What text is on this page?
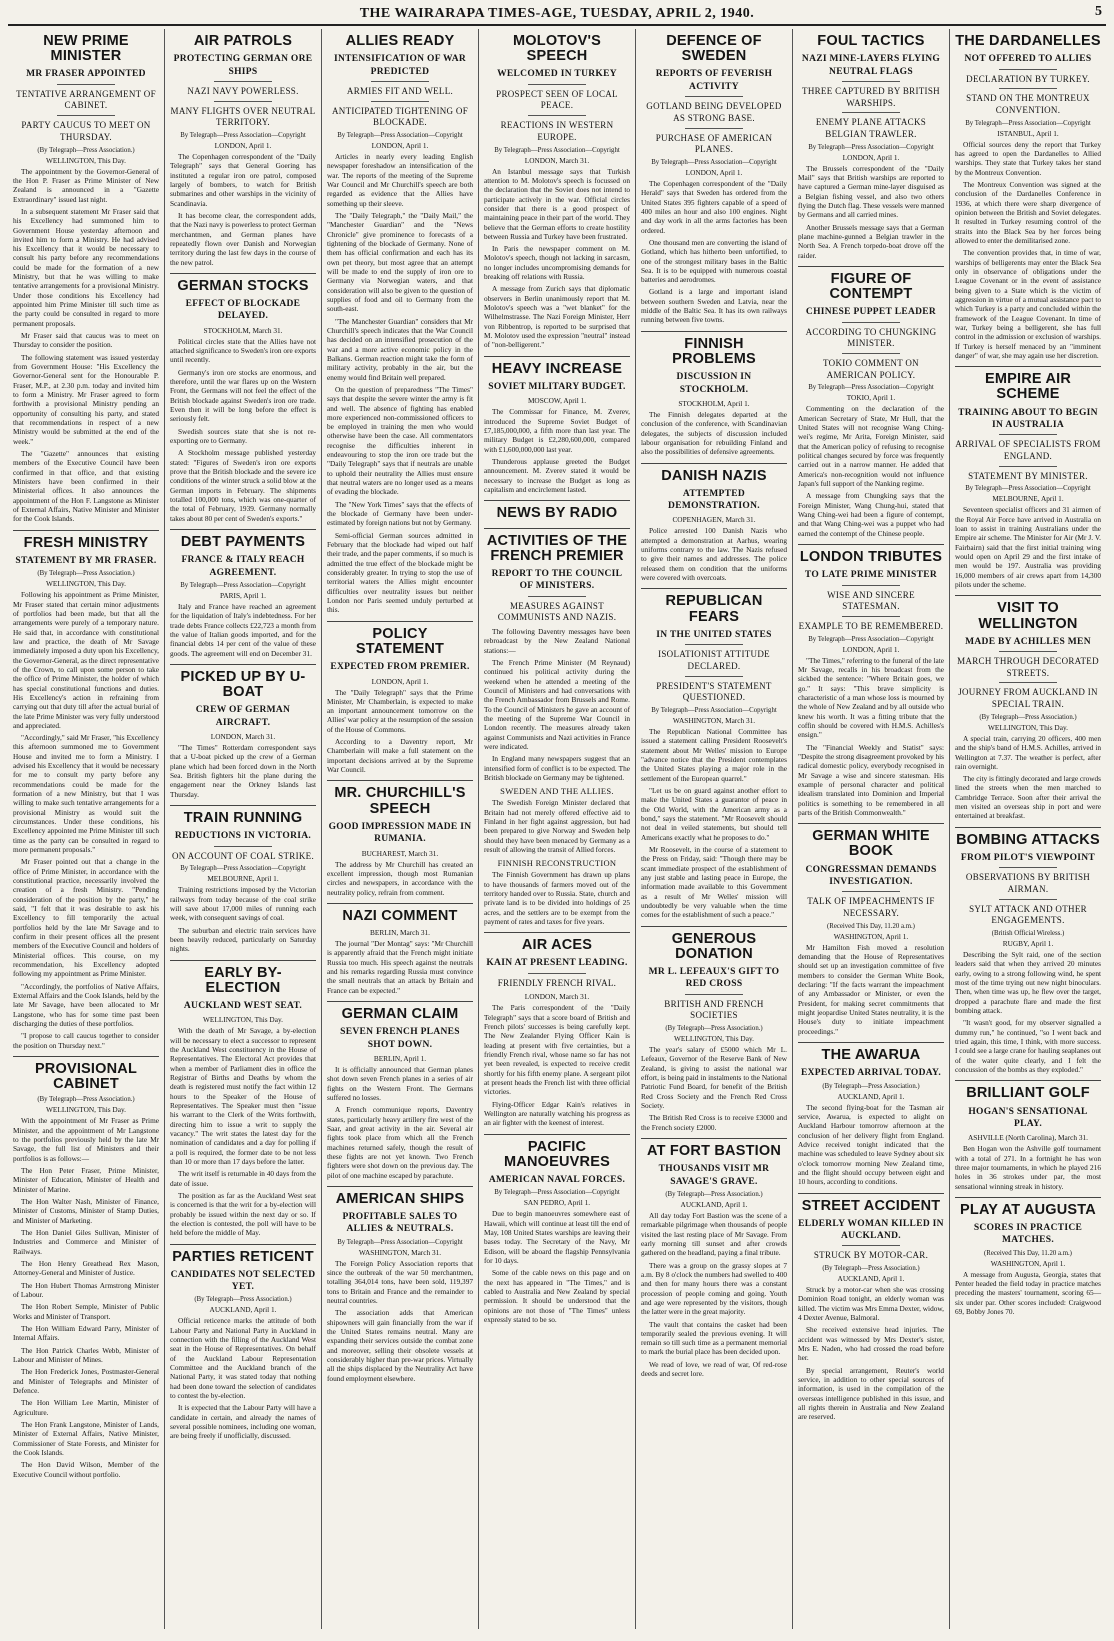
THE WAIRARAPA TIMES-AGE, TUESDAY, APRIL 2, 1940.	5
NEW PRIME MINISTER
MR FRASER APPOINTED
TENTATIVE ARRANGEMENT OF CABINET.
PARTY CAUCUS TO MEET ON THURSDAY.
(By Telegraph—Press Association.)
WELLINGTON, This Day.

The appointment by the Governor-General of the Hon P. Fraser as Prime Minister of New Zealand is announced in a "Gazette Extraordinary" issued last night.

In a subsequent statement Mr Fraser said that his Excellency had summoned him to Government House yesterday afternoon and invited him to form a Ministry. He had advised his Excellency that it would be necessary to consult his party before any recommendations could be made for the formation of a new Ministry, but that he was willing to make tentative arrangements for a provisional Ministry. Under those conditions his Excellency had appointed him Prime Minister till such time as the party could be consulted in regard to more permanent proposals.

Mr Fraser said that caucus was to meet on Thursday to consider the position.

The following statement was issued yesterday from Government House: "His Excellency the Governor-General sent for the Honourable P. Fraser, M.P., at 2.30 p.m. today and invited him to form a Ministry. Mr Fraser agreed to form forthwith a provisional Ministry pending an opportunity of consulting his party, and stated that recommendations in respect of a new Ministry would be submitted at the end of the week."

The "Gazette" announces that existing members of the Executive Council have been confirmed in that office, and that existing Ministers have been confirmed in their Ministerial offices. It also announces the appointment of the Hon F. Langstone as Minister of External Affairs, Native Minister and Minister for the Cook Islands.

FRESH MINISTRY
STATEMENT BY MR FRASER.
(By Telegraph—Press Association.)
WELLINGTON, This Day.

Following his appointment as Prime Minister, Mr Fraser stated that certain minor adjustments of portfolios had been made, but that all the arrangements were purely of a temporary nature. He said that, in accordance with constitutional law and practice, the death of Mr Savage immediately imposed a duty upon his Excellency, the Governor-General, as the direct representative of the Crown, to call upon some person to take the office of Prime Minister, the holder of which has special constitutional functions and duties. His Excellency's action in refraining from carrying out that duty till after the actual burial of the late Prime Minister was very fully understood and appreciated.

"Accordingly," said Mr Fraser, "his Excellency this afternoon summoned me to Government House and invited me to form a Ministry. I advised his Excellency that it would be necessary for me to consult my party before any recommendations could be made for the formation of a new Ministry, but that I was willing to make such tentative arrangements for a provisional Ministry as would suit the circumstances. Under these conditions, his Excellency appointed me Prime Minister till such time as the party can be consulted in regard to more permanent proposals."

Mr Fraser pointed out that a change in the office of Prime Minister, in accordance with the constitutional practice, necessarily involved the creation of a fresh Ministry. "Pending consideration of the position by the party," he said, "I felt that it was desirable to ask his Excellency to fill temporarily the actual portfolios held by the late Mr Savage and to confirm in their present offices all the present members of the Executive Council and holders of Ministerial offices. This course, on my recommendation, his Excellency adopted following my appointment as Prime Minister.

"Accordingly, the portfolios of Native Affairs, External Affairs and the Cook Islands, held by the late Mr Savage, have been allocated to Mr Langstone, who has for some time past been discharging the duties of these portfolios.

"I propose to call caucus together to consider the position on Thursday next."

PROVISIONAL CABINET
(By Telegraph—Press Association.)
WELLINGTON, This Day.

With the appointment of Mr Fraser as Prime Minister, and the appointment of Mr Langstone to the portfolios previously held by the late Mr Savage, the full list of Ministers and their portfolios is as follows:—

The Hon Peter Fraser, Prime Minister, Minister of Education, Minister of Health and Minister of Marine.

The Hon Walter Nash, Minister of Finance, Minister of Customs, Minister of Stamp Duties, and Minister of Marketing.

The Hon Daniel Giles Sullivan, Minister of Industries and Commerce and Minister of Railways.

The Hon Henry Greathead Rex Mason, Attorney-General and Minister of Justice.

The Hon Hubert Thomas Armstrong Minister of Labour.

The Hon Robert Semple, Minister of Public Works and Minister of Transport.

The Hon William Edward Parry, Minister of Internal Affairs.

The Hon Patrick Charles Webb, Minister of Labour and Minister of Mines.

The Hon Frederick Jones, Postmaster-General and Minister of Telegraphs and Minister of Defence.

The Hon William Lee Martin, Minister of Agriculture.

The Hon Frank Langstone, Minister of Lands, Minister of External Affairs, Native Minister, Commissioner of State Forests, and Minister for the Cook Islands.

The Hon David Wilson, Member of the Executive Council without portfolio.

AIR PATROLS
PROTECTING GERMAN ORE SHIPS
NAZI NAVY POWERLESS.
MANY FLIGHTS OVER NEUTRAL TERRITORY.
By Telegraph—Press Association—Copyright
LONDON, April 1.

The Copenhagen correspondent of the "Daily Telegraph" says that General Goering has instituted a regular iron ore patrol, composed largely of bombers, to watch for British submarines and other warships in the vicinity of Scandinavia.

It has become clear, the correspondent adds, that the Nazi navy is powerless to protect German merchantmen, and German planes have repeatedly flown over Danish and Norwegian territory during the last few days in the course of the new patrol.

GERMAN STOCKS
EFFECT OF BLOCKADE DELAYED.
STOCKHOLM, March 31.

Political circles state that the Allies have not attached significance to Sweden's iron ore exports until recently.

Germany's iron ore stocks are enormous, and therefore, until the war flares up on the Western Front, the Germans will not feel the effect of the British blockade against Sweden's iron ore trade. Even then it will be long before the effect is seriously felt.

Swedish sources state that she is not re-exporting ore to Germany.

A Stockholm message published yesterday stated: "Figures of Sweden's iron ore exports prove that the British blockade and the severe ice conditions of the winter struck a solid blow at the German imports in February. The shipments totalled 100,000 tons, which was one-quarter of the total of February, 1939. Germany normally takes about 80 per cent of Sweden's exports."

DEBT PAYMENTS
FRANCE & ITALY REACH AGREEMENT.
By Telegraph—Press Association—Copyright
PARIS, April 1.

Italy and France have reached an agreement for the liquidation of Italy's indebtedness. For her trade debts France collects £22,723 a month from the value of Italian goods imported, and for the financial debts 14 per cent of the value of these goods. The agreement will end on December 31.

PICKED UP BY U-BOAT
CREW OF GERMAN AIRCRAFT.
LONDON, March 31.

"The Times" Rotterdam correspondent says that a U-boat picked up the crew of a German plane which had been forced down in the North Sea. British fighters hit the plane during the engagement near the Orkney Islands last Thursday.

TRAIN RUNNING
REDUCTIONS IN VICTORIA.
ON ACCOUNT OF COAL STRIKE.
By Telegraph—Press Association—Copyright
MELBOURNE, April 1.

Training restrictions imposed by the Victorian railways from today because of the coal strike will save about 17,000 miles of running each week, with consequent savings of coal.

The suburban and electric train services have been heavily reduced, particularly on Saturday nights.

EARLY BY-ELECTION
AUCKLAND WEST SEAT.
WELLINGTON, This Day.

With the death of Mr Savage, a by-election will be necessary to elect a successor to represent the Auckland West constituency in the House of Representatives. The Electoral Act provides that when a member of Parliament dies in office the Registrar of Births and Deaths by whom the death is registered must notify the fact within 12 hours to the Speaker of the House of Representatives. The Speaker must then "issue his warrant to the Clerk of the Writs forthwith, directing him to issue a writ to supply the vacancy." The writ states the latest day for the nomination of candidates and a day for polling if a poll is required, the former date to be not less than 10 or more than 17 days before the latter.

The writ itself is returnable in 40 days from the date of issue.

The position as far as the Auckland West seat is concerned is that the writ for a by-election will probably be issued within the next day or so. If the election is contested, the poll will have to be held before the middle of May.

PARTIES RETICENT
CANDIDATES NOT SELECTED YET.
(By Telegraph—Press Association.)
AUCKLAND, April 1.

Official reticence marks the attitude of both Labour Party and National Party in Auckland in connection with the filling of the Auckland West seat in the House of Representatives. On behalf of the Auckland Labour Representation Committee and the Auckland branch of the National Party, it was stated today that nothing had been done toward the selection of candidates to contest the by-election.

It is expected that the Labour Party will have a candidate in certain, and already the names of several possible nominees, including one woman, are being freely if unofficially, discussed.

ALLIES READY
INTENSIFICATION OF WAR PREDICTED
ARMIES FIT AND WELL.
ANTICIPATED TIGHTENING OF BLOCKADE.
By Telegraph—Press Association—Copyright
LONDON, April 1.

Articles in nearly every leading English newspaper foreshadow an intensification of the war. The reports of the meeting of the Supreme War Council and Mr Churchill's speech are both regarded as evidence that the Allies have something up their sleeve.

The "Daily Telegraph," the "Daily Mail," the "Manchester Guardian" and the "News Chronicle" give prominence to forecasts of a tightening of the blockade of Germany. None of them has official confirmation and each has its own pet theory, but most agree that an attempt will be made to end the supply of iron ore to Germany via Norwegian waters, and that consideration will also be given to the question of supplies of food and oil to Germany from the south-east.

"The Manchester Guardian" considers that Mr Churchill's speech indicates that the War Council has decided on an intensified prosecution of the war and a more active economic policy in the Balkans. German reaction might take the form of military activity, probably in the air, but the enemy would find Britain well prepared.

On the question of preparedness "The Times" says that despite the severe winter the army is fit and well. The absence of fighting has enabled more experienced non-commissioned officers to be employed in training the men who would otherwise have been the case. All commentators recognise the difficulties inherent in endeavouring to stop the iron ore trade but the "Daily Telegraph" says that if neutrals are unable to uphold their neutrality the Allies must ensure that neutral waters are no longer used as a means of evading the blockade.

The "New York Times" says that the effects of the blockade of Germany have been under-estimated by foreign nations but not by Germany.

Semi-official German sources admitted in February that the blockade had wiped out half their trade, and the paper comments, if so much is admitted the true effect of the blockade might be considerably greater. In trying to stop the use of territorial waters the Allies might encounter difficulties over neutrality issues but neither London nor Paris seemed unduly perturbed at this.

POLICY STATEMENT
EXPECTED FROM PREMIER.
LONDON, April 1.

The "Daily Telegraph" says that the Prime Minister, Mr Chamberlain, is expected to make an important announcement tomorrow on the Allies' war policy at the resumption of the session of the House of Commons.

According to a Daventry report, Mr Chamberlain will make a full statement on the important decisions arrived at by the Supreme War Council.

MR. CHURCHILL'S SPEECH
GOOD IMPRESSION MADE IN RUMANIA.
BUCHAREST, March 31.

The address by Mr Churchill has created an excellent impression, though most Rumanian circles and newspapers, in accordance with the neutrality policy, refrain from comment.

NAZI COMMENT
BERLIN, March 31.

The journal "Der Montag" says: "Mr Churchill is apparently afraid that the French might initiate Russia too much. His speech against the neutrals and his remarks regarding Russia must convince the small neutrals that an attack by Britain and France can be expected."

GERMAN CLAIM
SEVEN FRENCH PLANES SHOT DOWN.
BERLIN, April 1.

It is officially announced that German planes shot down seven French planes in a series of air fights on the Western Front. The Germans suffered no losses.

A French communique reports, Daventry states, particularly heavy artillery fire west of the Saar, and great activity in the air. Several air fights took place from which all the French machines returned safely, though the result of these fights are not yet known. Two French fighters were shot down on the previous day. The pilot of one machine escaped by parachute.

AMERICAN SHIPS
PROFITABLE SALES TO ALLIES & NEUTRALS.
By Telegraph—Press Association—Copyright
WASHINGTON, March 31.

The Foreign Policy Association reports that since the outbreak of the war 50 merchantmen, totalling 364,014 tons, have been sold, 119,397 tons to Britain and France and the remainder to neutral countries.

The association adds that American shipowners will gain financially from the war if the United States remains neutral. Many are expanding their services outside the combat zone and moreover, selling their obsolete vessels at considerably higher than pre-war prices. Virtually all the ships displaced by the Neutrality Act have found employment elsewhere.

MOLOTOV'S SPEECH
WELCOMED IN TURKEY
PROSPECT SEEN OF LOCAL PEACE.
REACTIONS IN WESTERN EUROPE.
By Telegraph—Press Association—Copyright
LONDON, March 31.

An Istanbul message says that Turkish attention to M. Molotov's speech is focussed on the declaration that the Soviet does not intend to participate actively in the war. Official circles consider that there is a good prospect of maintaining peace in their part of the world. They believe that the German efforts to create hostility between Russia and Turkey have been frustrated.

In Paris the newspaper comment on M. Molotov's speech, though not lacking in sarcasm, no longer includes uncompromising demands for breaking off relations with Russia.

A message from Zurich says that diplomatic observers in Berlin unanimously report that M. Molotov's speech was a "wet blanket" for the Wilhelmstrasse. The Nazi Foreign Minister, Herr von Ribbentrop, is reported to be surprised that M. Molotov used the expression "neutral" instead of "non-belligerent."

HEAVY INCREASE
SOVIET MILITARY BUDGET.
MOSCOW, April 1.

The Commissar for Finance, M. Zverev, introduced the Supreme Soviet Budget of £7,185,000,000, a fifth more than last year. The military Budget is £2,280,600,000, compared with £1,600,000,000 last year.

Thunderous applause greeted the Budget announcement. M. Zverev stated it would be necessary to increase the Budget as long as capitalism and encirclement lasted.

NEWS BY RADIO
ACTIVITIES OF THE FRENCH PREMIER
REPORT TO THE COUNCIL OF MINISTERS.
MEASURES AGAINST COMMUNISTS AND NAZIS.

The following Daventry messages have been rebroadcast by the New Zealand National stations:—

The French Prime Minister (M Reynaud) continued his political activity during the weekend when he attended a meeting of the Council of Ministers and had conversations with the French Ambassador from Brussels and Rome. To the Council of Ministers he gave an account of the meeting of the Supreme War Council in London recently. The measures already taken against Communists and Nazi activities in France were indicated.

In England many newspapers suggest that an intensified form of conflict is to be expected. The British blockade on Germany may be tightened.

SWEDEN AND THE ALLIES.

The Swedish Foreign Minister declared that Britain had not merely offered effective aid to Finland in her fight against aggression, but had been prepared to give Norway and Sweden help should they have been menaced by Germany as a result of allowing the transit of Allied forces.

FINNISH RECONSTRUCTION

The Finnish Government has drawn up plans to have thousands of farmers moved out of the territory handed over to Russia. State, church and private land is to be divided into holdings of 25 acres, and the settlers are to be exempt from the payment of rates and taxes for five years.

AIR ACES
KAIN AT PRESENT LEADING.
FRIENDLY FRENCH RIVAL.
LONDON, March 31.

The Paris correspondent of the "Daily Telegraph" says that a score board of British and French pilots' successes is being carefully kept. The New Zealander Flying Officer Kain is leading at present with five certainties, but a friendly French rival, whose name so far has not yet been revealed, is expected to receive credit shortly for his fifth enemy plane. A sergeant pilot at present heads the French list with three official victories.

Flying-Officer Edgar Kain's relatives in Wellington are naturally watching his progress as an air fighter with the keenest of interest.

PACIFIC MANOEUVRES
AMERICAN NAVAL FORCES.
By Telegraph—Press Association—Copyright
SAN PEDRO, April 1.

Due to begin manoeuvres somewhere east of Hawaii, which will continue at least till the end of May, 108 United States warships are leaving their bases today. The Secretary of the Navy, Mr Edison, will be aboard the flagship Pennsylvania for 10 days.

Some of the cable news on this page and on the next has appeared in "The Times," and is cabled to Australia and New Zealand by special permission. It should be understood that the opinions are not those of "The Times" unless expressly stated to be so.

DEFENCE OF SWEDEN
REPORTS OF FEVERISH ACTIVITY
GOTLAND BEING DEVELOPED AS STRONG BASE.
PURCHASE OF AMERICAN PLANES.
By Telegraph—Press Association—Copyright
LONDON, April 1.

The Copenhagen correspondent of the "Daily Herald" says that Sweden has ordered from the United States 395 fighters capable of a speed of 400 miles an hour and also 100 engines. Night and day work in all the arms factories has been ordered.

One thousand men are converting the island of Gotland, which has hitherto been unfortified, to one of the strongest military bases in the Baltic Sea. It is to be equipped with numerous coastal batteries and aerodromes.

Gotland is a large and important island between southern Sweden and Latvia, near the middle of the Baltic Sea. It has its own railways running between five towns.

FINNISH PROBLEMS
DISCUSSION IN STOCKHOLM.
STOCKHOLM, April 1.

The Finnish delegates departed at the conclusion of the conference, with Scandinavian delegates, the subjects of discussion included labour organisation for rebuilding Finland and also the possibilities of defensive agreements.

DANISH NAZIS
ATTEMPTED DEMONSTRATION.
COPENHAGEN, March 31.

Police arrested 100 Danish Nazis who attempted a demonstration at Aarhus, wearing uniforms contrary to the law. The Nazis refused to give their names and addresses. The police released them on condition that the uniforms were covered with overcoats.

REPUBLICAN FEARS
IN THE UNITED STATES
ISOLATIONIST ATTITUDE DECLARED.
PRESIDENT'S STATEMENT QUESTIONED.
By Telegraph—Press Association—Copyright
WASHINGTON, March 31.

The Republican National Committee has issued a statement calling President Roosevelt's statement about Mr Welles' mission to Europe "advance notice that the President contemplates the United States playing a major role in the settlement of the European quarrel."

"Let us be on guard against another effort to make the United States a guarantor of peace in the Old World, with the American army as a bond," says the statement. "Mr Roosevelt should not deal in veiled statements, but should tell Americans exactly what he proposes to do."

Mr Roosevelt, in the course of a statement to the Press on Friday, said: "Though there may be scant immediate prospect of the establishment of any just stable and lasting peace in Europe, the information made available to this Government as a result of Mr Welles' mission will undoubtedly be very valuable when the time comes for the establishment of such a peace."

GENEROUS DONATION
MR L. LEFEAUX'S GIFT TO RED CROSS
BRITISH AND FRENCH SOCIETIES
(By Telegraph—Press Association.)
WELLINGTON, This Day.

The year's salary of £5000 which Mr L. Lefeaux, Governor of the Reserve Bank of New Zealand, is giving to assist the national war effort, is being paid in instalments to the National Patriotic Fund Board, for benefit of the British Red Cross Society and the French Red Cross Society.

The British Red Cross is to receive £3000 and the French society £2000.

AT FORT BASTION
THOUSANDS VISIT MR SAVAGE'S GRAVE.
(By Telegraph—Press Association.)
AUCKLAND, April 1.

All day today Fort Bastion was the scene of a remarkable pilgrimage when thousands of people visited the last resting place of Mr Savage. From early morning till sunset and after crowds gathered on the headland, paying a final tribute.

There was a group on the grassy slopes at 7 a.m. By 8 o'clock the numbers had swelled to 400 and then for many hours there was a constant procession of people coming and going. Youth and age were represented by the visitors, though the latter were in the great majority.

The vault that contains the casket had been temporarily sealed the previous evening. It will remain so till such time as a permanent memorial to mark the burial place has been decided upon.

We read of love, we read of war, Of red-rose deeds and secret lore.

FOUL TACTICS
NAZI MINE-LAYERS FLYING NEUTRAL FLAGS
THREE CAPTURED BY BRITISH WARSHIPS.
ENEMY PLANE ATTACKS BELGIAN TRAWLER.
By Telegraph—Press Association—Copyright
LONDON, April 1.

The Brussels correspondent of the "Daily Mail" says that British warships are reported to have captured a German mine-layer disguised as a Belgian fishing vessel, and also two others flying the Dutch flag. These vessels were manned by Germans and all carried mines.

Another Brussels message says that a German plane machine-gunned a Belgian trawler in the North Sea. A French torpedo-boat drove off the raider.

FIGURE OF CONTEMPT
CHINESE PUPPET LEADER
ACCORDING TO CHUNGKING MINISTER.
TOKIO COMMENT ON AMERICAN POLICY.
By Telegraph—Press Association—Copyright
TOKIO, April 1.

Commenting on the declaration of the American Secretary of State, Mr Hull, that the United States will not recognise Wang Ching-wei's regime, Mr Arita, Foreign Minister, said that the American policy of refusing to recognise political changes secured by force was frequently carried out in a narrow manner. He added that America's non-recognition would not influence Japan's full support of the Nanking regime.

A message from Chungking says that the Foreign Minister, Wang Chung-hui, stated that Wang Ching-wei had been a figure of contempt, and that Wang Ching-wei was a puppet who had earned the contempt of the Chinese people.

LONDON TRIBUTES
TO LATE PRIME MINISTER
WISE AND SINCERE STATESMAN.
EXAMPLE TO BE REMEMBERED.
By Telegraph—Press Association—Copyright
LONDON, April 1.

"The Times," referring to the funeral of the late Mr Savage, recalls in his broadcast from the sickbed the sentence: "Where Britain goes, we go." It says: "This brave simplicity is characteristic of a man whose loss is mourned by the whole of New Zealand and by all outside who knew his worth. It was a fitting tribute that the coffin should be covered with H.M.S. Achilles's ensign."

The "Financial Weekly and Statist" says: "Despite the strong disagreement provoked by his radical domestic policy, everybody recognised in Mr Savage a wise and sincere statesman. His example of personal character and political idealism translated into Dominion and Imperial politics is something to be remembered in all parts of the British Commonwealth."

GERMAN WHITE BOOK
CONGRESSMAN DEMANDS INVESTIGATION.
TALK OF IMPEACHMENTS IF NECESSARY.
(Received This Day, 11.20 a.m.)
WASHINGTON, April 1.

Mr Hamilton Fish moved a resolution demanding that the House of Representatives should set up an investigation committee of five members to consider the German White Book, declaring: "If the facts warrant the impeachment of any Ambassador or Minister, or even the President, for making secret commitments that might jeopardise United States neutrality, it is the House's duty to initiate impeachment proceedings."

THE AWARUA
EXPECTED ARRIVAL TODAY.
(By Telegraph—Press Association.)
AUCKLAND, April 1.

The second flying-boat for the Tasman air service, Awarua, is expected to alight on Auckland Harbour tomorrow afternoon at the conclusion of her delivery flight from England. Advice received tonight indicated that the machine was scheduled to leave Sydney about six o'clock tomorrow morning New Zealand time, and the flight should occupy between eight and 10 hours, according to conditions.

STREET ACCIDENT
ELDERLY WOMAN KILLED IN AUCKLAND.
STRUCK BY MOTOR-CAR.
(By Telegraph—Press Association.)
AUCKLAND, April 1.

Struck by a motor-car when she was crossing Dominion Road tonight, an elderly woman was killed. The victim was Mrs Emma Dexter, widow, 4 Dexter Avenue, Balmoral.

She received extensive head injuries. The accident was witnessed by Mrs Dexter's sister, Mrs E. Naden, who had crossed the road before her.

By special arrangement, Reuter's world service, in addition to other special sources of information, is used in the compilation of the overseas intelligence published in this issue, and all rights therein in Australia and New Zealand are reserved.

THE DARDANELLES
NOT OFFERED TO ALLIES
DECLARATION BY TURKEY.
STAND ON THE MONTREUX CONVENTION.
By Telegraph—Press Association—Copyright
ISTANBUL, April 1.

Official sources deny the report that Turkey has agreed to open the Dardanelles to Allied warships. They state that Turkey takes her stand by the Montreux Convention.

The Montreux Convention was signed at the conclusion of the Dardanelles Conference in 1936, at which there were sharp divergence of opinion between the British and Soviet delegates. It resulted in Turkey resuming control of the straits into the Black Sea by her forces being allowed to enter the demilitarised zone.

The convention provides that, in time of war, warships of belligerents may enter the Black Sea only in observance of obligations under the League Covenant or in the event of assistance being given to a State which is the victim of aggression in virtue of a mutual assistance pact to which Turkey is a party and concluded within the framework of the League Covenant. In time of war, Turkey being a belligerent, she has full control in the admission or exclusion of warships. If Turkey is herself menaced by an "imminent danger" of war, she may again use her discretion.

EMPIRE AIR SCHEME
TRAINING ABOUT TO BEGIN IN AUSTRALIA
ARRIVAL OF SPECIALISTS FROM ENGLAND.
STATEMENT BY MINISTER.
By Telegraph—Press Association—Copyright
MELBOURNE, April 1.

Seventeen specialist officers and 31 airmen of the Royal Air Force have arrived in Australia on loan to assist in training Australians under the Empire air scheme. The Minister for Air (Mr J. V. Fairbairn) said that the first initial training wing would open on April 29 and the first intake of men would be 197. Australia was providing 16,000 members of air crews apart from 14,300 pilots under the scheme.

VISIT TO WELLINGTON
MADE BY ACHILLES MEN
MARCH THROUGH DECORATED STREETS.
JOURNEY FROM AUCKLAND IN SPECIAL TRAIN.
(By Telegraph—Press Association.)
WELLINGTON, This Day.

A special train, carrying 20 officers, 400 men and the ship's band of H.M.S. Achilles, arrived in Wellington at 7.37. The weather is perfect, after rain overnight.

The city is fittingly decorated and large crowds lined the streets when the men marched to Cambridge Terrace. Soon after their arrival the men visited an overseas ship in port and were entertained at breakfast.

BOMBING ATTACKS
FROM PILOT'S VIEWPOINT
OBSERVATIONS BY BRITISH AIRMAN.
SYLT ATTACK AND OTHER ENGAGEMENTS.
(British Official Wireless.)
RUGBY, April 1.

Describing the Sylt raid, one of the section leaders said that when they arrived 20 minutes early, owing to a strong following wind, he spent most of the time trying out new night binoculars. Then, when time was up, he flew over the target, dropped a parachute flare and made the first bombing attack.

"It wasn't good, for my observer signalled a dummy run," he continued, "so I went back and tried again, this time, I think, with more success. I could see a large crane for hauling seaplanes out of the water quite clearly, and I felt the concussion of the bombs as they exploded."

BRILLIANT GOLF
HOGAN'S SENSATIONAL PLAY.
ASHVILLE (North Carolina), March 31.

Ben Hogan won the Ashville golf tournament with a total of 271. In a fortnight he has won three major tournaments, in which he played 216 holes in 36 strokes under par, the most sensational winning streak in history.

PLAY AT AUGUSTA
SCORES IN PRACTICE MATCHES.
(Received This Day, 11.20 a.m.)
WASHINGTON, April 1.

A message from Augusta, Georgia, states that Penter headed the field today in practice matches preceding the masters' tournament, scoring 65—six under par. Other scores included: Craigwood 69, Bobby Jones 70.
